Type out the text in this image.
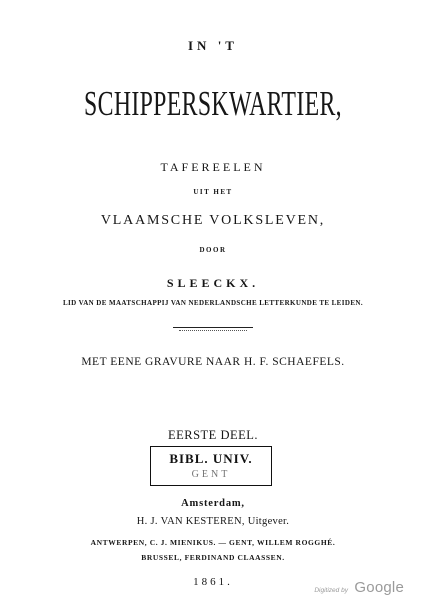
IN 'T
SCHIPPERSKWARTIER,
TAFEREELEN
UIT HET
VLAAMSCHE VOLKSLEVEN,
DOOR
SLEECKX.
LID VAN DE MAATSCHAPPIJ VAN NEDERLANDSCHE LETTERKUNDE TE LEIDEN.
MET EENE GRAVURE NAAR H. F. SCHAEFELS.
EERSTE DEEL.
BIBL. UNIV.
GENT
Amsterdam,
H. J. VAN KESTEREN, Uitgever.
ANTWERPEN, C. J. MIENIKUS. — GENT, WILLEM ROGGHÉ.
BRUSSEL, FERDINAND CLAASSEN.
1861.
Digitized by Google
